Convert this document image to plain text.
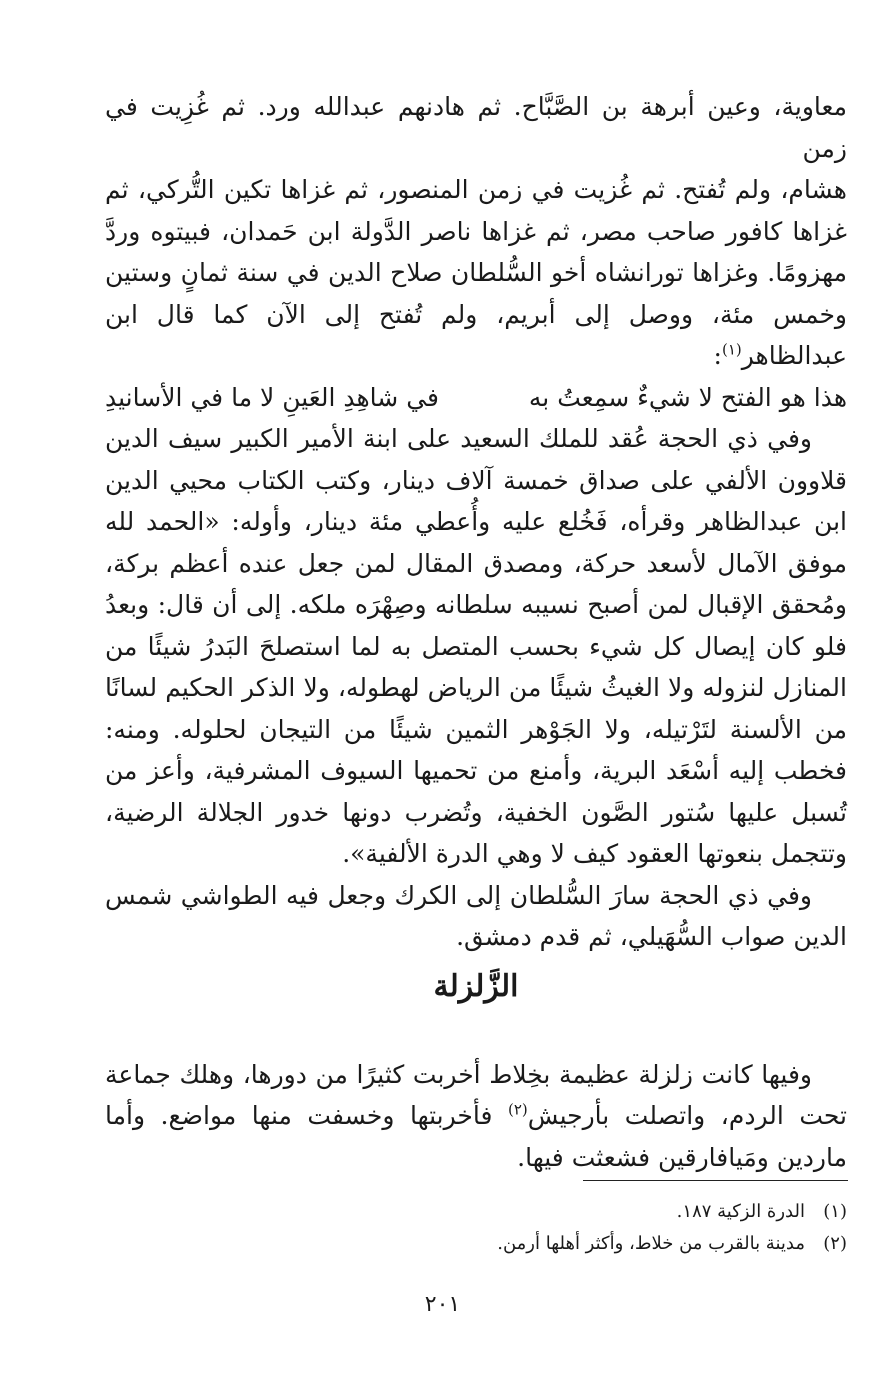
معاوية، وعين أبرهة بن الصَّبَّاح. ثم هادنهم عبدالله ورد. ثم غُزِيت في زمن
هشام، ولم تُفتح. ثم غُزيت في زمن المنصور، ثم غزاها تكين التُّركي، ثم
غزاها كافور صاحب مصر، ثم غزاها ناصر الدَّولة ابن حَمدان، فبيتوه وردَّ
مهزومًا. وغزاها تورانشاه أخو السُّلطان صلاح الدين في سنة ثمانٍ وستين
وخمس مئة، ووصل إلى أبريم، ولم تُفتح إلى الآن كما قال ابن
عبدالظاهر$^{(١)}$:
هذا هو الفتح لا شيءٌ سمِعتُ به
في شاهِدِ العَينِ لا ما في الأسانيدِ

وفي ذي الحجة عُقد للملك السعيد على ابنة الأمير الكبير سيف الدين قلاوون الألفي على صداق خمسة آلاف دينار، وكتب الكتاب محيي الدين ابن عبدالظاهر وقرأه، فَخُلع عليه وأُعطي مئة دينار، وأوله: «الحمد لله موفق الآمال لأسعد حركة، ومصدق المقال لمن جعل عنده أعظم بركة، ومُحقق الإقبال لمن أصبح نسيبه سلطانه وصِهْرَه ملكه. إلى أن قال: وبعدُ فلو كان إيصال كل شيء بحسب المتصل به لما استصلحَ البَدرُ شيئًا من المنازل لنزوله ولا الغيثُ شيئًا من الرياض لهطوله، ولا الذكر الحكيم لسانًا من الألسنة لتَرْتيله، ولا الجَوْهر الثمين شيئًا من التيجان لحلوله. ومنه: فخطب إليه أسْعَد البرية، وأمنع من تحميها السيوف المشرفية، وأعز من تُسبل عليها سُتور الصَّون الخفية، وتُضرب دونها خدور الجلالة الرضية، وتتجمل بنعوتها العقود كيف لا وهي الدرة الألفية».

وفي ذي الحجة سارَ السُّلطان إلى الكرك وجعل فيه الطواشي شمس الدين صواب السُّهَيلي، ثم قدم دمشق.

الزَّلزلة

وفيها كانت زلزلة عظيمة بخِلاط أخربت كثيرًا من دورها، وهلك جماعة تحت الردم، واتصلت بأرجيش$^{(٢)}$ فأخربتها وخسفت منها مواضع. وأما ماردين ومَيافارقين فشعثت فيها.

(١)الدرة الزكية ١٨٧.

(٢)مدينة بالقرب من خلاط، وأكثر أهلها أرمن.

٢٠١
